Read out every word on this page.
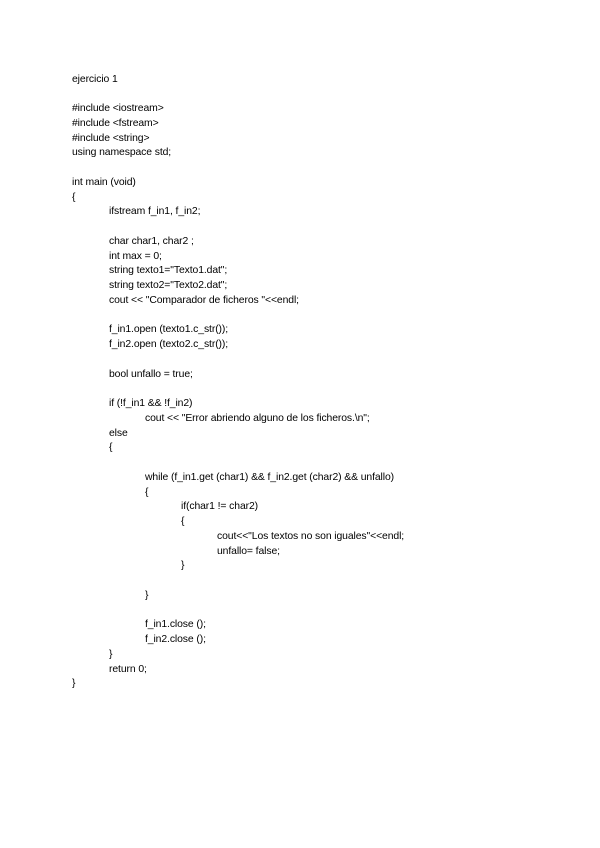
ejercicio 1
#include <iostream>
#include <fstream>
#include <string>
using namespace std;
int main (void)
{
ifstream f_in1, f_in2;
char char1, char2 ;
int max = 0;
string texto1="Texto1.dat";
string texto2="Texto2.dat";
cout << "Comparador de ficheros "<<endl;
f_in1.open (texto1.c_str());
f_in2.open (texto2.c_str());
bool unfallo = true;
if (!f_in1 && !f_in2)
cout << "Error abriendo alguno de los ficheros.\n";
else
{
while (f_in1.get (char1) && f_in2.get (char2) && unfallo)
{
if(char1 != char2)
{
cout<<"Los textos no son iguales"<<endl;
unfallo= false;
}
}
f_in1.close ();
f_in2.close ();
}
return 0;
}
